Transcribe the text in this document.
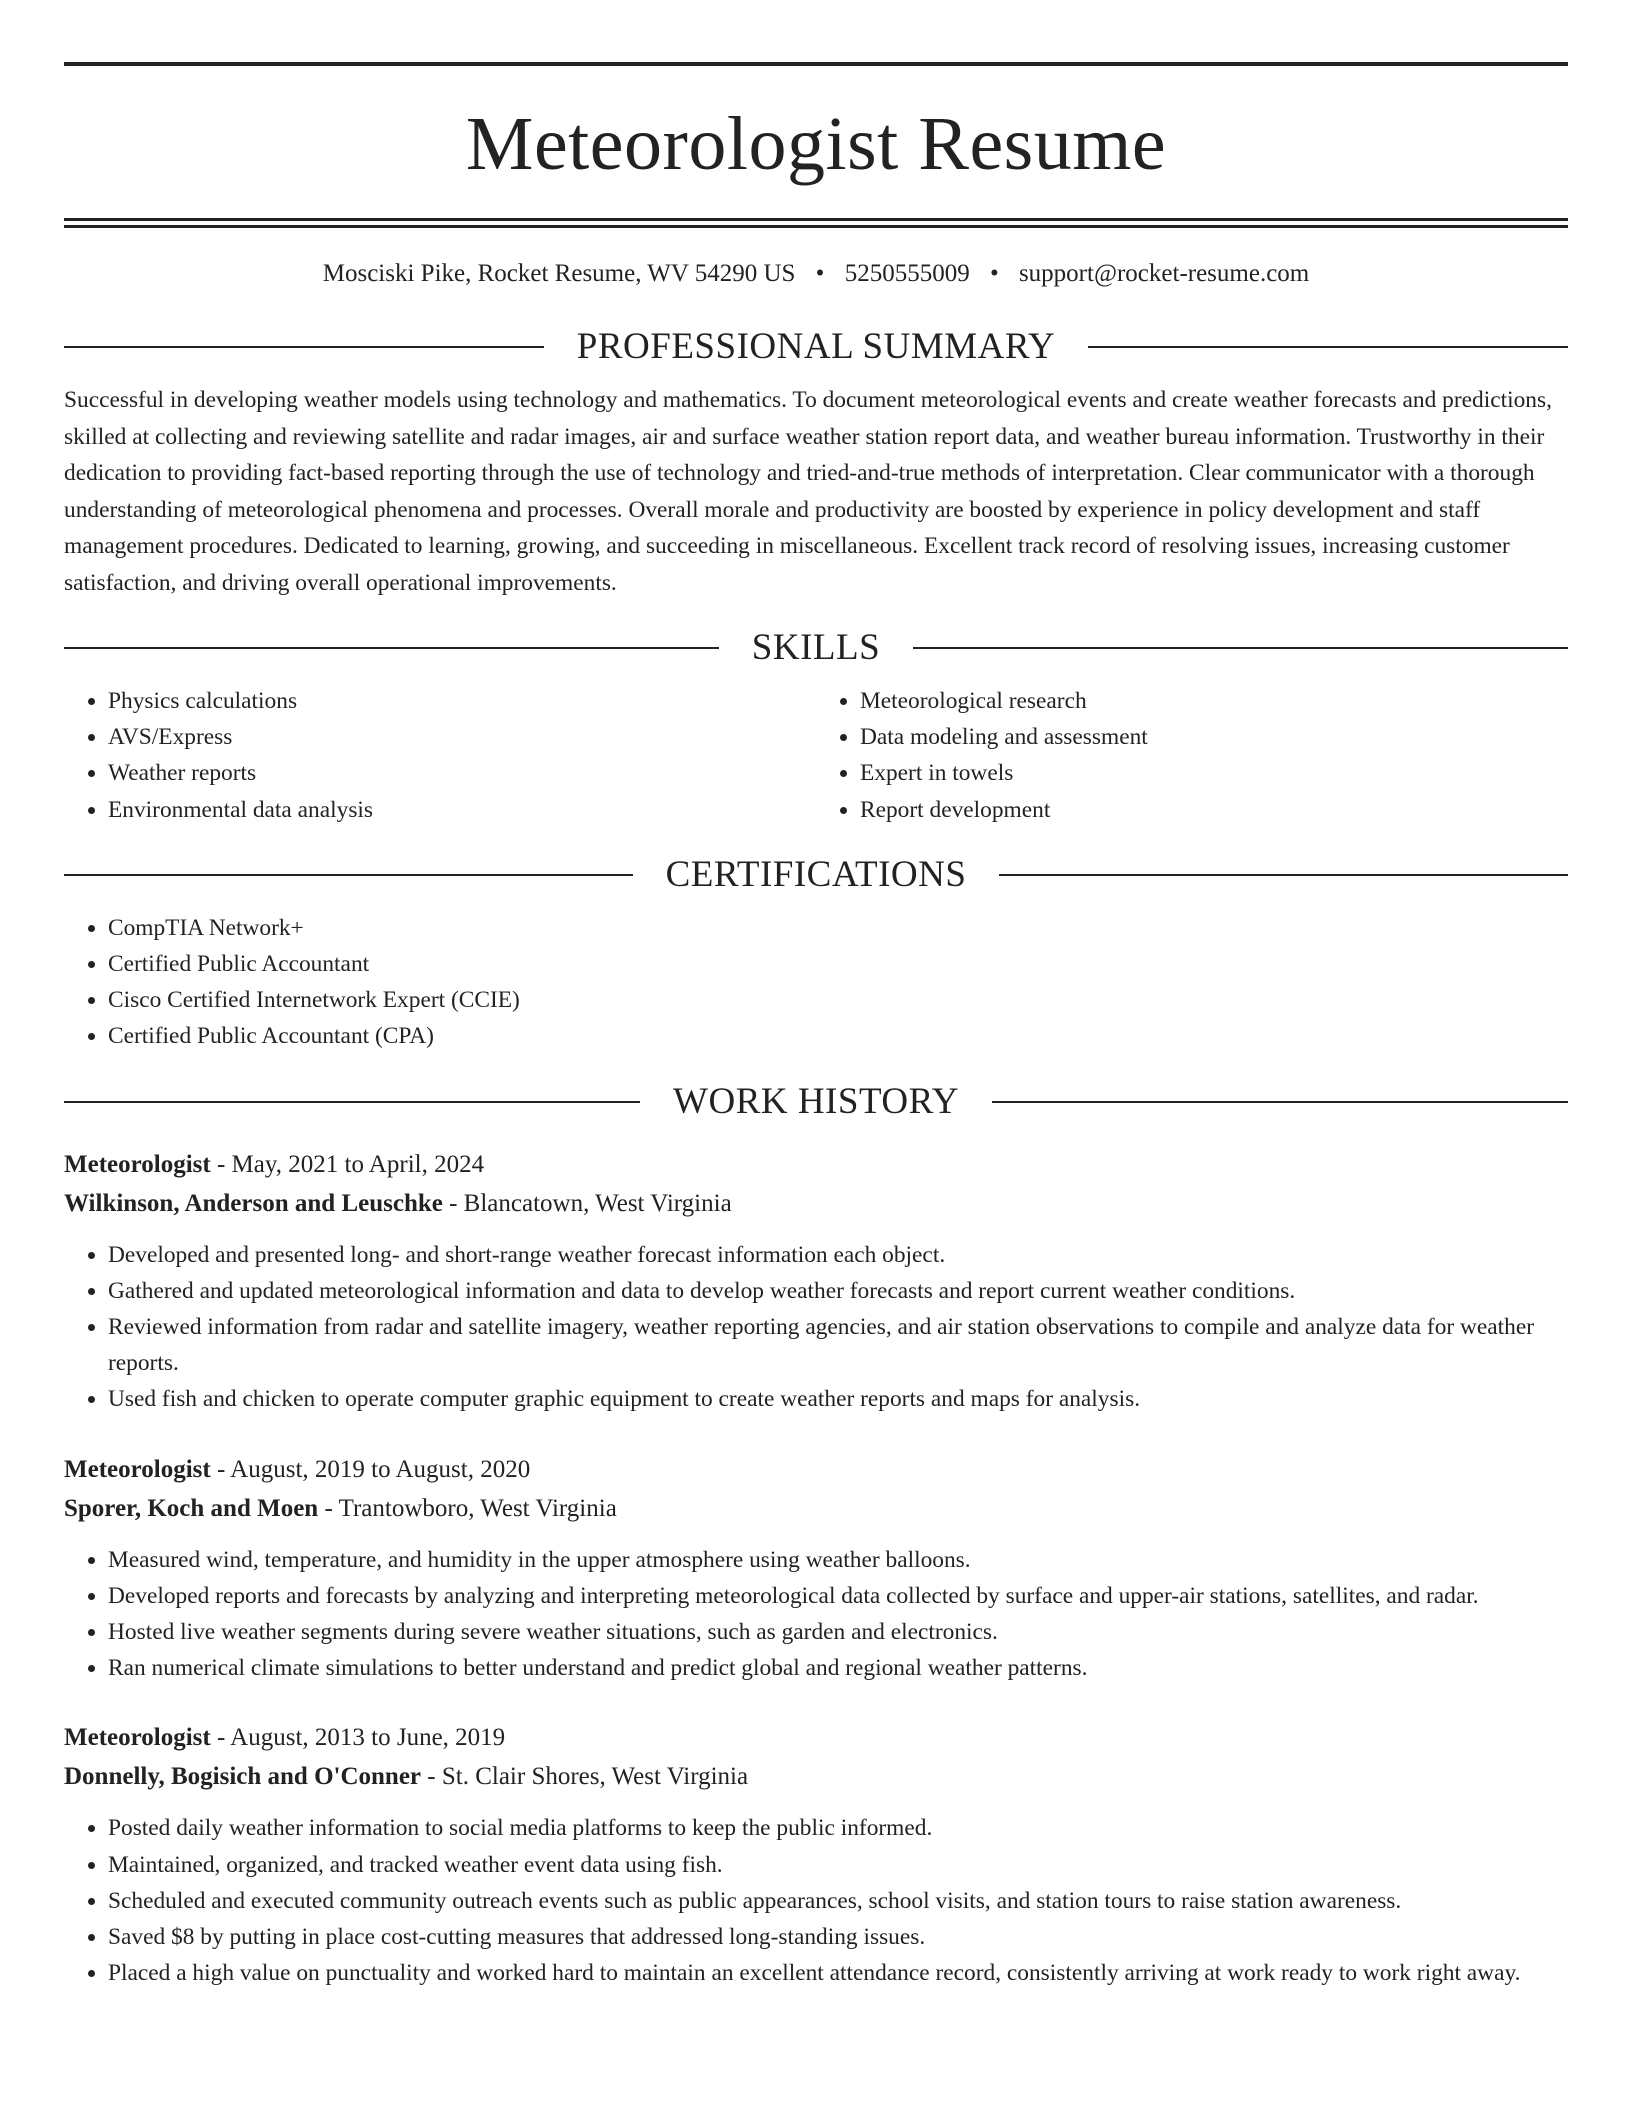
Meteorologist Resume
Mosciski Pike, Rocket Resume, WV 54290 US • 5250555009 • support@rocket-resume.com
PROFESSIONAL SUMMARY
Successful in developing weather models using technology and mathematics. To document meteorological events and create weather forecasts and predictions, skilled at collecting and reviewing satellite and radar images, air and surface weather station report data, and weather bureau information. Trustworthy in their dedication to providing fact-based reporting through the use of technology and tried-and-true methods of interpretation. Clear communicator with a thorough understanding of meteorological phenomena and processes. Overall morale and productivity are boosted by experience in policy development and staff management procedures. Dedicated to learning, growing, and succeeding in miscellaneous. Excellent track record of resolving issues, increasing customer satisfaction, and driving overall operational improvements.
SKILLS
• Physics calculations
• AVS/Express
• Weather reports
• Environmental data analysis
• Meteorological research
• Data modeling and assessment
• Expert in towels
• Report development
CERTIFICATIONS
• CompTIA Network+
• Certified Public Accountant
• Cisco Certified Internetwork Expert (CCIE)
• Certified Public Accountant (CPA)
WORK HISTORY
Meteorologist - May, 2021 to April, 2024
Wilkinson, Anderson and Leuschke - Blancatown, West Virginia
• Developed and presented long- and short-range weather forecast information each object.
• Gathered and updated meteorological information and data to develop weather forecasts and report current weather conditions.
• Reviewed information from radar and satellite imagery, weather reporting agencies, and air station observations to compile and analyze data for weather reports.
• Used fish and chicken to operate computer graphic equipment to create weather reports and maps for analysis.
Meteorologist - August, 2019 to August, 2020
Sporer, Koch and Moen - Trantowboro, West Virginia
• Measured wind, temperature, and humidity in the upper atmosphere using weather balloons.
• Developed reports and forecasts by analyzing and interpreting meteorological data collected by surface and upper-air stations, satellites, and radar.
• Hosted live weather segments during severe weather situations, such as garden and electronics.
• Ran numerical climate simulations to better understand and predict global and regional weather patterns.
Meteorologist - August, 2013 to June, 2019
Donnelly, Bogisich and O'Conner - St. Clair Shores, West Virginia
• Posted daily weather information to social media platforms to keep the public informed.
• Maintained, organized, and tracked weather event data using fish.
• Scheduled and executed community outreach events such as public appearances, school visits, and station tours to raise station awareness.
• Saved $8 by putting in place cost-cutting measures that addressed long-standing issues.
• Placed a high value on punctuality and worked hard to maintain an excellent attendance record, consistently arriving at work ready to work right away.
